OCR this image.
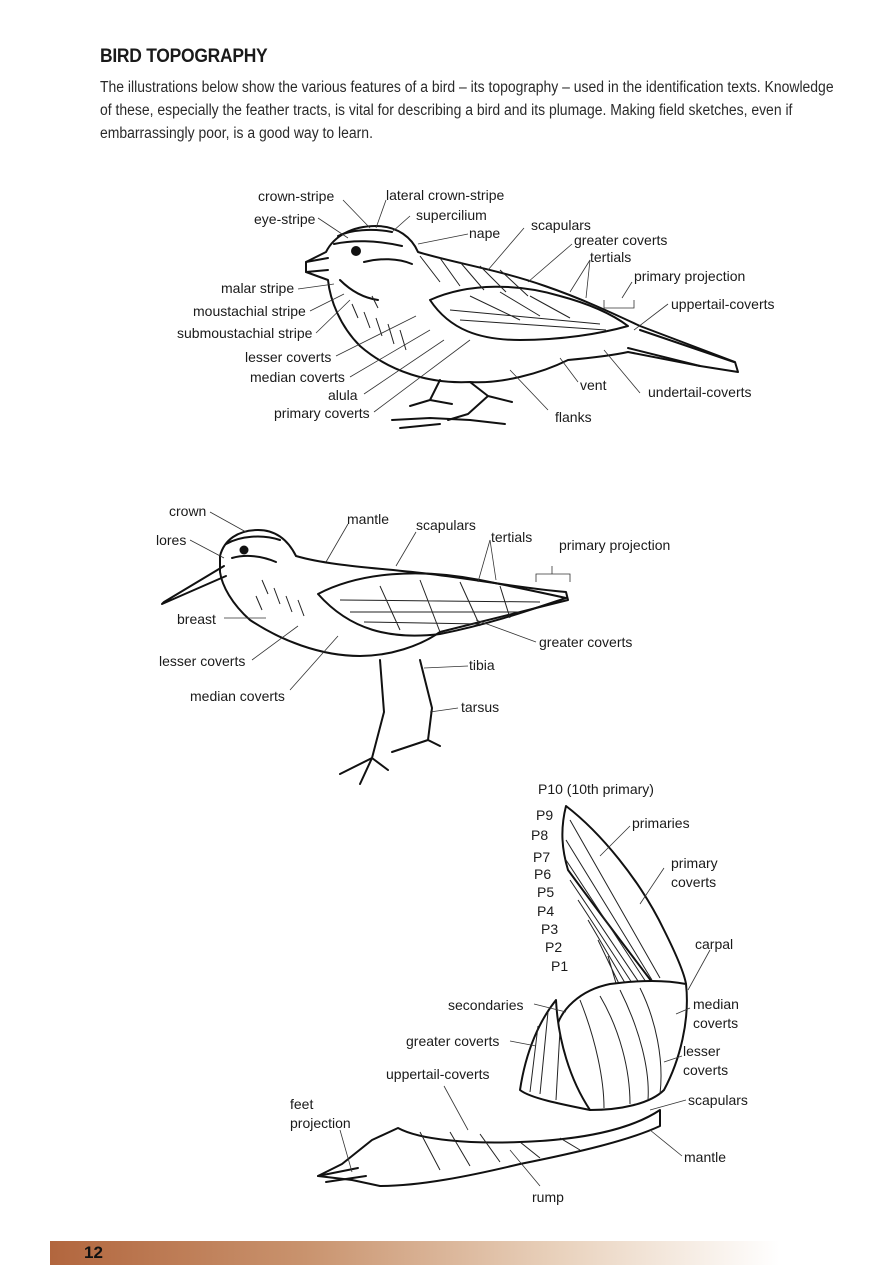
BIRD TOPOGRAPHY
The illustrations below show the various features of a bird – its topography – used in the identification texts. Knowledge of these, especially the feather tracts, is vital for describing a bird and its plumage. Making field sketches, even if embarrassingly poor, is a good way to learn.
crown-stripe	lateral crown-stripe
eye-stripe	supercilium
nape scapulars
greater coverts
tertials
primary projection
uppertail-coverts
malar stripe
moustachial stripe
submoustachial stripe
lesser coverts
median coverts
alula
primary coverts
vent	undertail-coverts
flanks
crown
lores
mantle scapulars
tertials primary projection
breast
greater coverts
lesser coverts	tibia
median coverts
tarsus
P10 (10th primary)
P9
P8
P7
P6
P5
P4
P3
P2
P1
primaries
primary
coverts
carpal
secondaries	median
coverts
greater coverts
lesser
coverts
uppertail-coverts
scapulars
feet
projection
mantle
rump
12
